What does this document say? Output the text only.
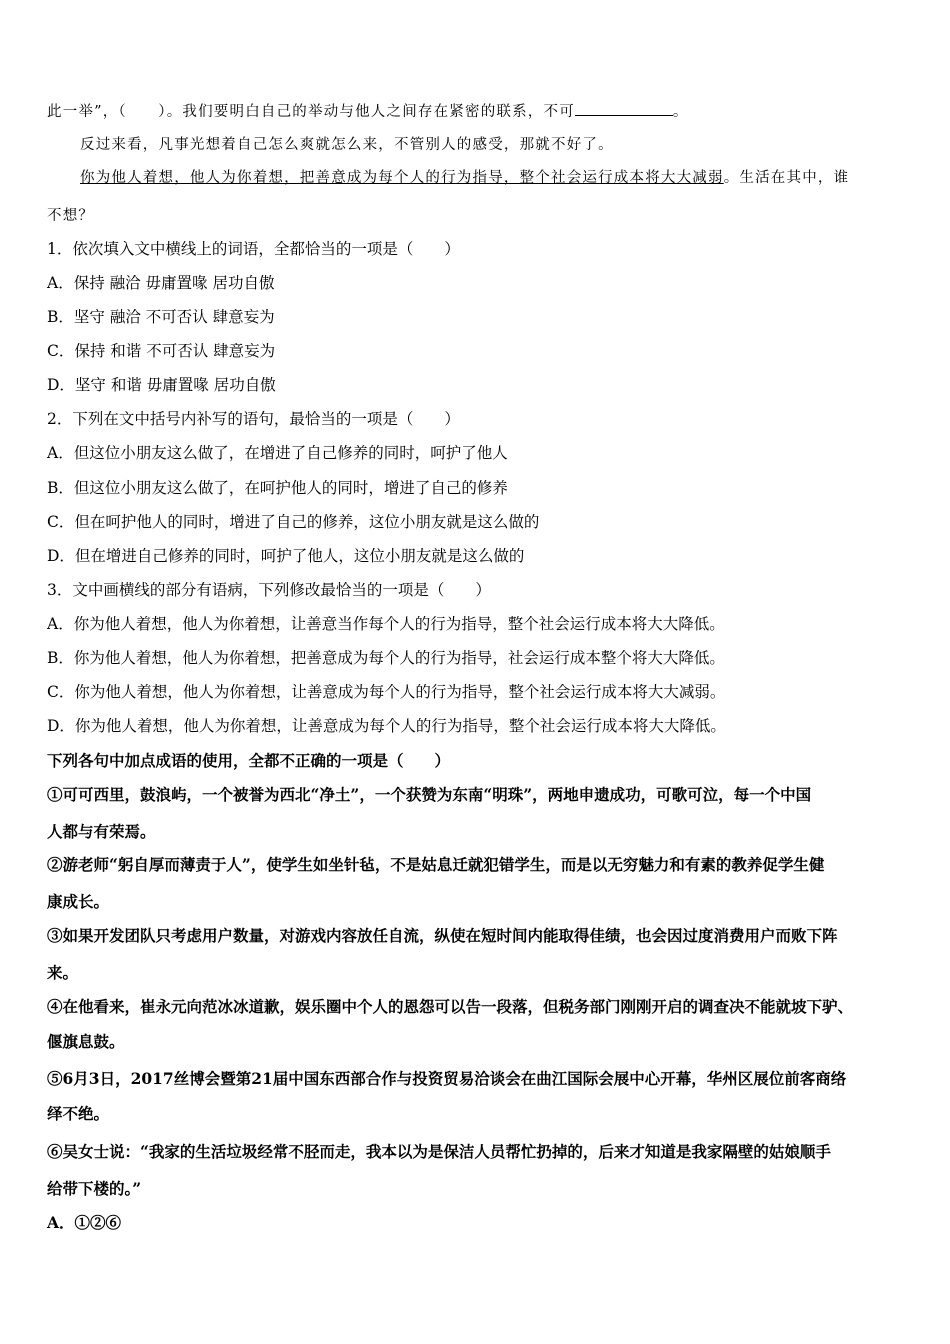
此一举”，（　　）。我们要明白自己的举动与他人之间存在紧密的联系，不可	。
反过来看，凡事光想着自己怎么爽就怎么来，不管别人的感受，那就不好了。
你为他人着想，他人为你着想，把善意成为每个人的行为指导，整个社会运行成本将大大减弱。生活在其中，谁
不想？
1．依次填入文中横线上的词语，全都恰当的一项是（　　）
A．保持 融洽 毋庸置喙 居功自傲
B．坚守 融洽 不可否认 肆意妄为
C．保持 和谐 不可否认 肆意妄为
D．坚守 和谐 毋庸置喙 居功自傲
2．下列在文中括号内补写的语句，最恰当的一项是（　　）
A．但这位小朋友这么做了，在增进了自己修养的同时，呵护了他人
B．但这位小朋友这么做了，在呵护他人的同时，增进了自己的修养
C．但在呵护他人的同时，增进了自己的修养，这位小朋友就是这么做的
D．但在增进自己修养的同时，呵护了他人，这位小朋友就是这么做的
3．文中画横线的部分有语病，下列修改最恰当的一项是（　　）
A．你为他人着想，他人为你着想，让善意当作每个人的行为指导，整个社会运行成本将大大降低。
B．你为他人着想，他人为你着想，把善意成为每个人的行为指导，社会运行成本整个将大大降低。
C．你为他人着想，他人为你着想，让善意成为每个人的行为指导，整个社会运行成本将大大减弱。
D．你为他人着想，他人为你着想，让善意成为每个人的行为指导，整个社会运行成本将大大降低。
下列各句中加点成语的使用，全都不正确的一项是（　　）
①可可西里，鼓浪屿，一个被誉为西北“净土”，一个获赞为东南“明珠”，两地申遗成功，可歌可泣，每一个中国
人都与有荣焉。
②游老师“躬自厚而薄责于人”，使学生如坐针毡，不是姑息迁就犯错学生，而是以无穷魅力和有素的教养促学生健
康成长。
③如果开发团队只考虑用户数量，对游戏内容放任自流，纵使在短时间内能取得佳绩，也会因过度消费用户而败下阵
来。
④在他看来，崔永元向范冰冰道歉，娱乐圈中个人的恩怨可以告一段落，但税务部门刚刚开启的调查决不能就坡下驴、
偃旗息鼓。
⑤6月3日，2017丝博会暨第21届中国东西部合作与投资贸易洽谈会在曲江国际会展中心开幕，华州区展位前客商络
绎不绝。
⑥吴女士说：“我家的生活垃圾经常不胫而走，我本以为是保洁人员帮忙扔掉的，后来才知道是我家隔壁的姑娘顺手
给带下楼的。”
A．①②⑥
